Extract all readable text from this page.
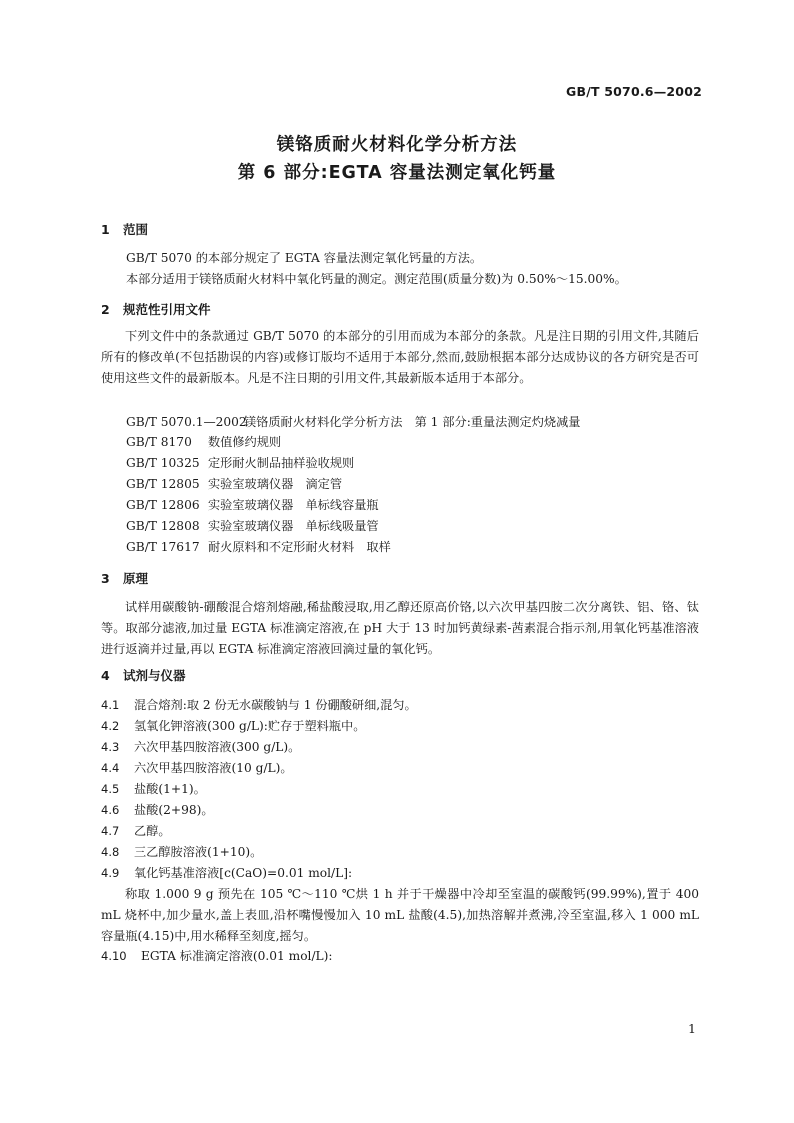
GB/T 5070.6—2002
镁铬质耐火材料化学分析方法
第 6 部分:EGTA 容量法测定氧化钙量
1 范围
GB/T 5070 的本部分规定了 EGTA 容量法测定氧化钙量的方法。
本部分适用于镁铬质耐火材料中氧化钙量的测定。测定范围(质量分数)为 0.50%～15.00%。
2 规范性引用文件
下列文件中的条款通过 GB/T 5070 的本部分的引用而成为本部分的条款。凡是注日期的引用文件,其随后所有的修改单(不包括勘误的内容)或修订版均不适用于本部分,然而,鼓励根据本部分达成协议的各方研究是否可使用这些文件的最新版本。凡是不注日期的引用文件,其最新版本适用于本部分。
GB/T 5070.1—2002镁铬质耐火材料化学分析方法　第 1 部分:重量法测定灼烧减量
GB/T 8170 数值修约规则
GB/T 10325 定形耐火制品抽样验收规则
GB/T 12805 实验室玻璃仪器　滴定管
GB/T 12806 实验室玻璃仪器　单标线容量瓶
GB/T 12808 实验室玻璃仪器　单标线吸量管
GB/T 17617 耐火原料和不定形耐火材料　取样
3 原理
试样用碳酸钠-硼酸混合熔剂熔融,稀盐酸浸取,用乙醇还原高价铬,以六次甲基四胺二次分离铁、铝、铬、钛等。取部分滤液,加过量 EGTA 标准滴定溶液,在 pH 大于 13 时加钙黄绿素-茜素混合指示剂,用氧化钙基准溶液进行返滴并过量,再以 EGTA 标准滴定溶液回滴过量的氧化钙。
4 试剂与仪器
4.1 混合熔剂:取 2 份无水碳酸钠与 1 份硼酸研细,混匀。
4.2 氢氧化钾溶液(300 g/L):贮存于塑料瓶中。
4.3 六次甲基四胺溶液(300 g/L)。
4.4 六次甲基四胺溶液(10 g/L)。
4.5 盐酸(1+1)。
4.6 盐酸(2+98)。
4.7 乙醇。
4.8 三乙醇胺溶液(1+10)。
4.9 氧化钙基准溶液[c(CaO)=0.01 mol/L]:
称取 1.000 9 g 预先在 105 ℃～110 ℃烘 1 h 并于干燥器中冷却至室温的碳酸钙(99.99%),置于 400 mL 烧杯中,加少量水,盖上表皿,沿杯嘴慢慢加入 10 mL 盐酸(4.5),加热溶解并煮沸,冷至室温,移入 1 000 mL 容量瓶(4.15)中,用水稀释至刻度,摇匀。
4.10 EGTA 标准滴定溶液(0.01 mol/L):
1
